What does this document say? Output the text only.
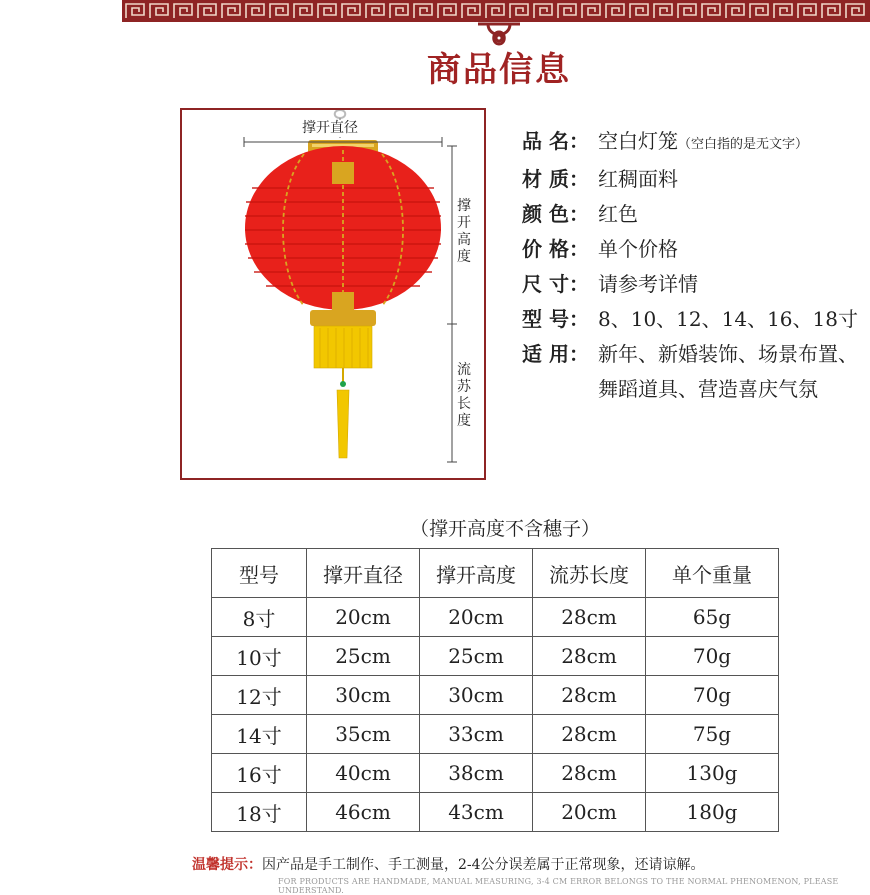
商品信息
撑开直径
撑开高度
流苏长度
品 名： 空白灯笼（空白指的是无文字）
材 质： 红稠面料
颜 色： 红色
价 格： 单个价格
尺 寸： 请参考详情
型 号： 8、10、12、14、16、18寸
适 用： 新年、新婚装饰、场景布置、舞蹈道具、营造喜庆气氛
（撑开高度不含穗子）
型号	撑开直径	撑开高度	流苏长度	单个重量
8寸	20cm	20cm	28cm	65g
10寸	25cm	25cm	28cm	70g
12寸	30cm	30cm	28cm	70g
14寸	35cm	33cm	28cm	75g
16寸	40cm	38cm	28cm	130g
18寸	46cm	43cm	20cm	180g
温馨提示：因产品是手工制作、手工测量，2-4公分误差属于正常现象，还请谅解。
FOR PRODUCTS ARE HANDMADE, MANUAL MEASURING, 3-4 CM ERROR BELONGS TO THE NORMAL PHENOMENON, PLEASE UNDERSTAND.
